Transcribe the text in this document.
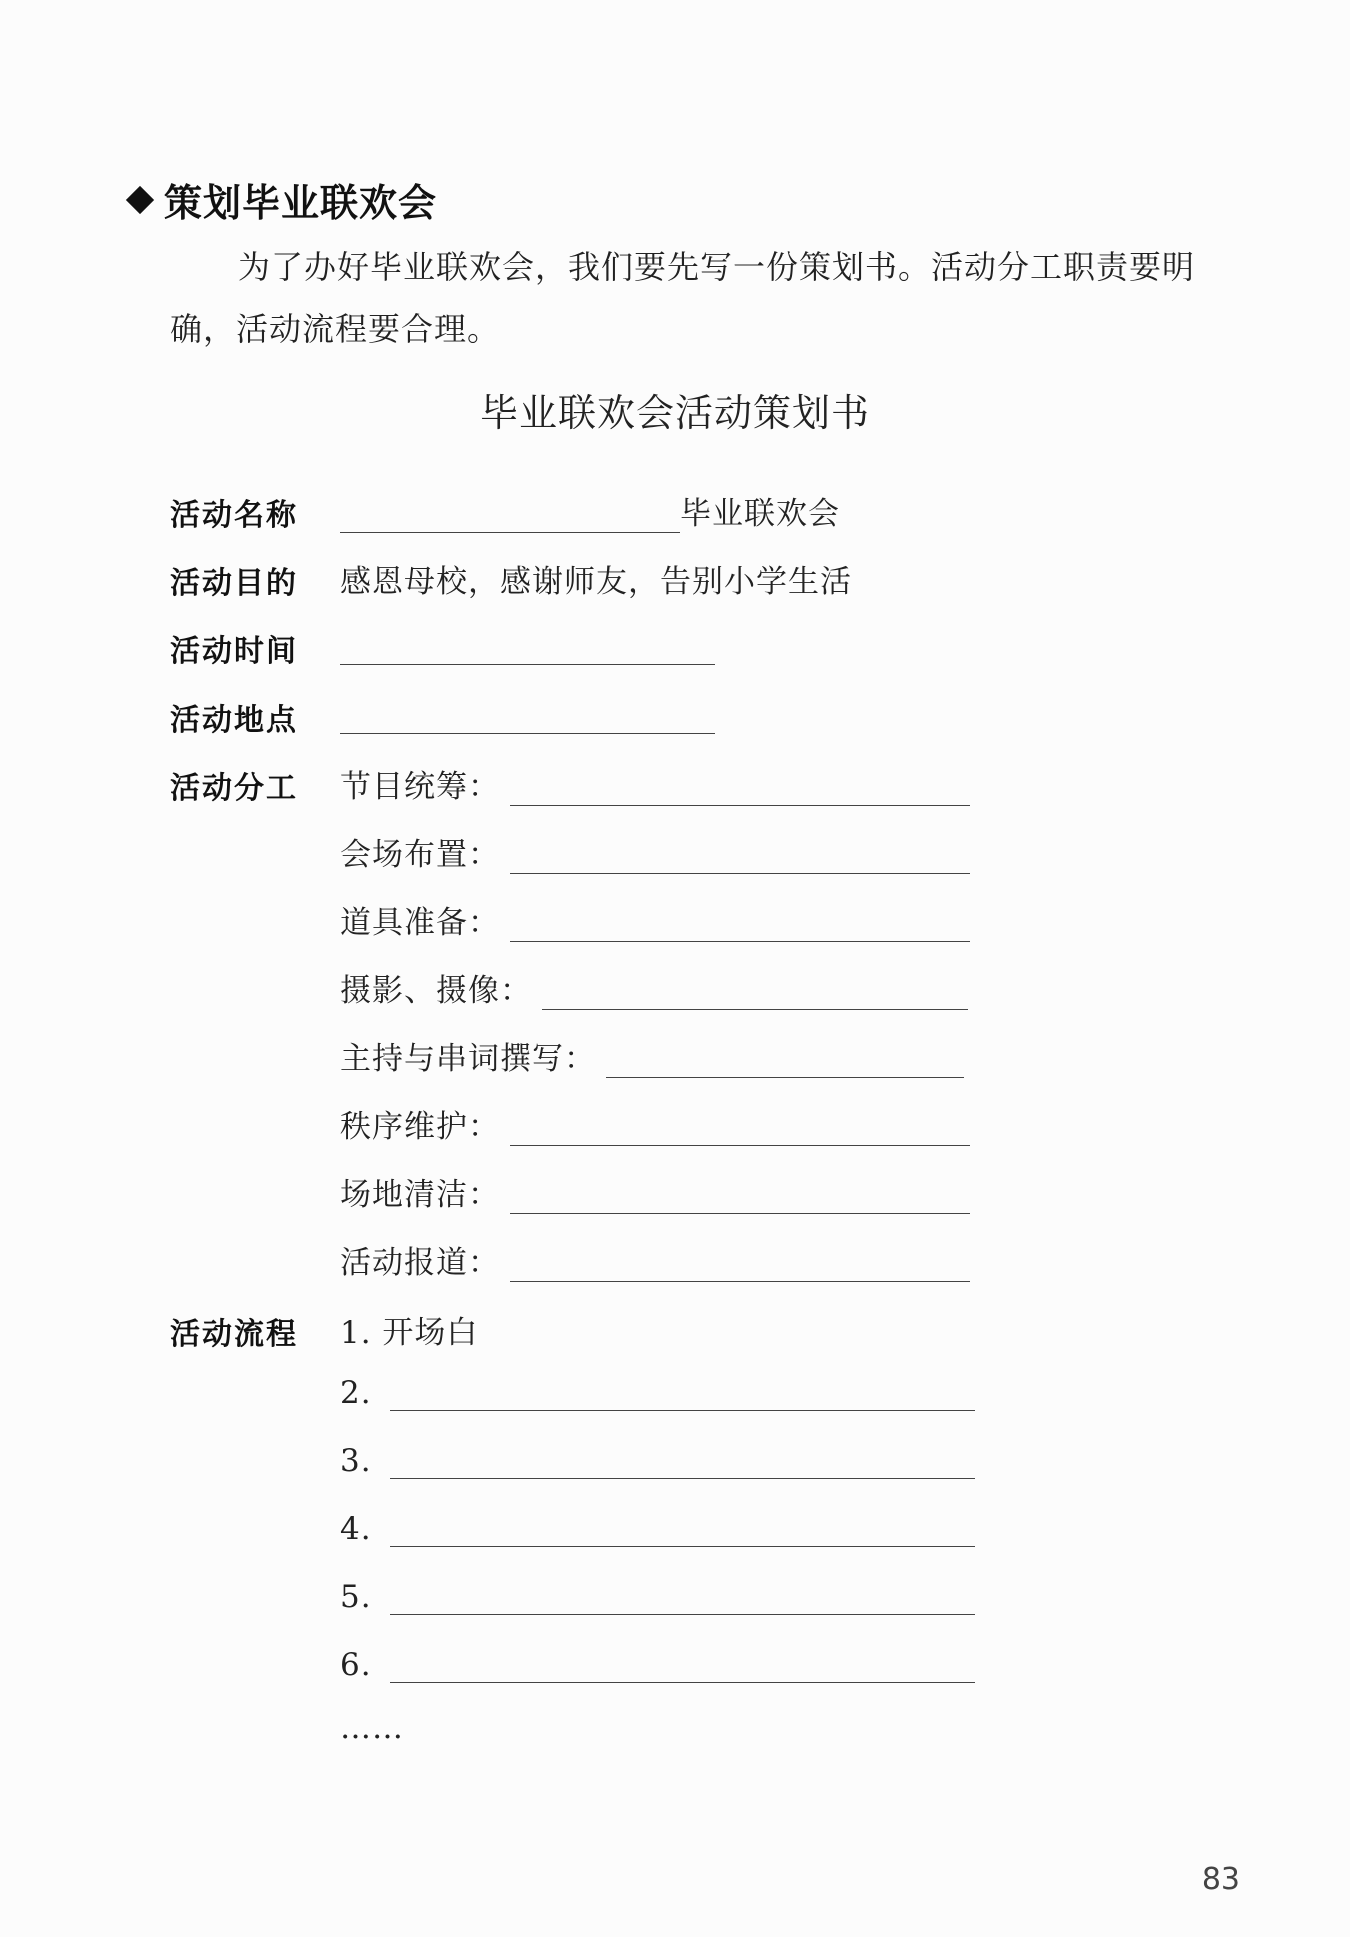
策划毕业联欢会
为了办好毕业联欢会，我们要先写一份策划书。活动分工职责要明确，活动流程要合理。
毕业联欢会活动策划书
活动名称	毕业联欢会
活动目的 感恩母校，感谢师友，告别小学生活
活动时间
活动地点
活动分工 节目统筹：
会场布置：
道具准备：
摄影、摄像：
主持与串词撰写：
秩序维护：
场地清洁：
活动报道：
活动流程 1. 开场白
2.
3.
4.
5.
6.
……
83
